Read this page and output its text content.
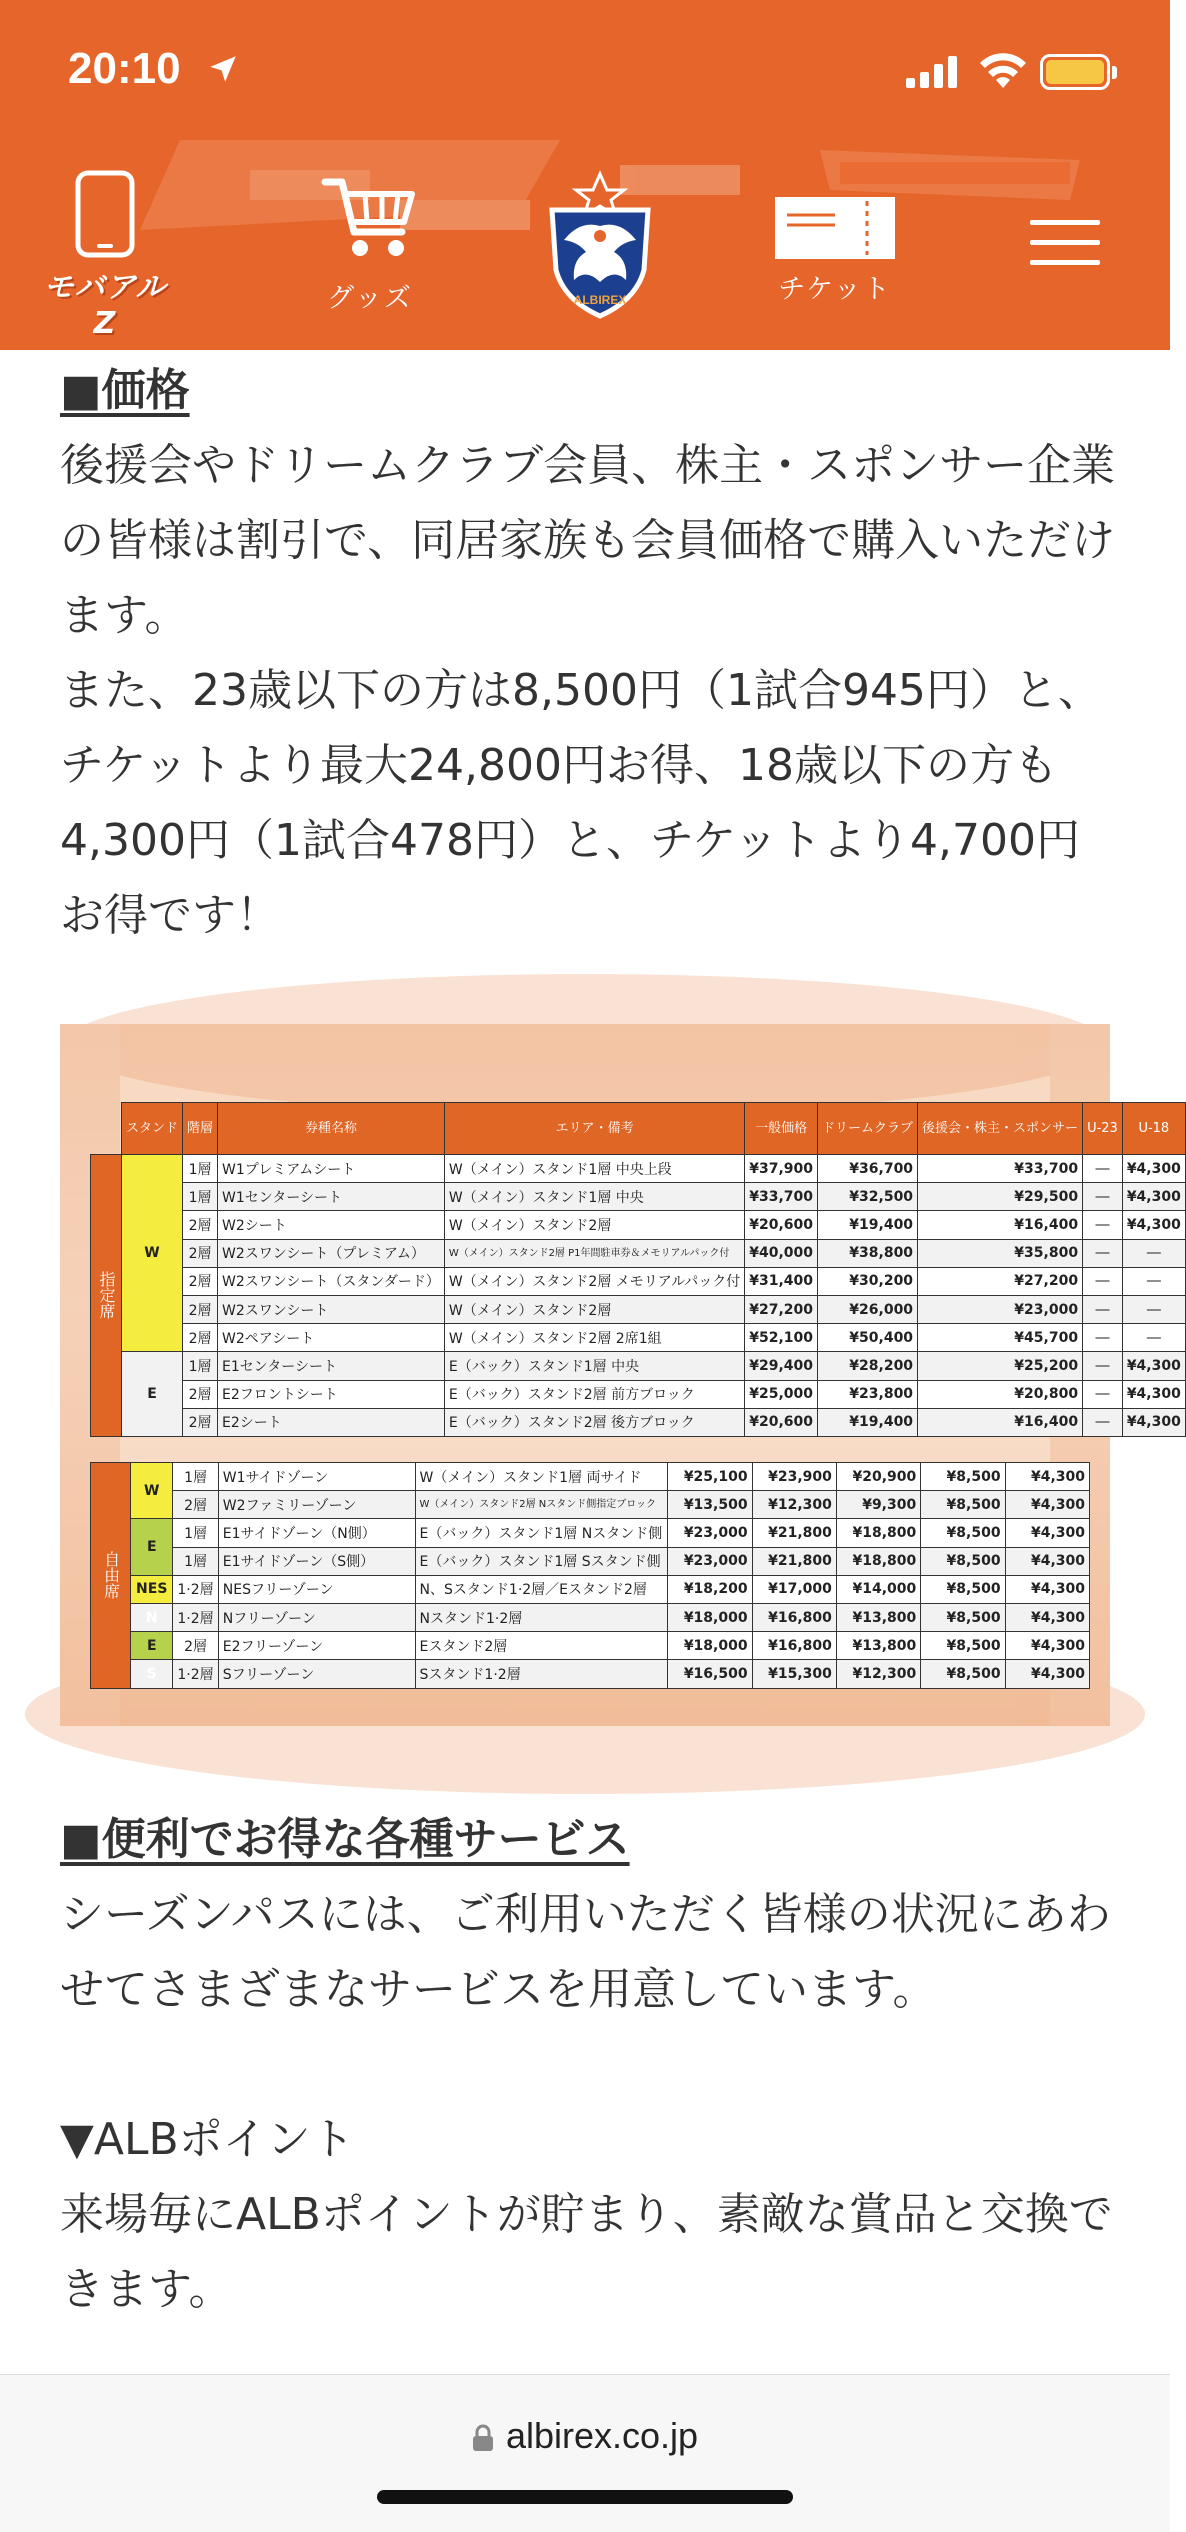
20:10
モバアルZ
グッズ	ALBIREX	チケット
■価格

後援会やドリームクラブ会員、株主・スポンサー企業の皆様は割引で、同居家族も会員価格で購入いただけます。

また、23歳以下の方は8,500円（1試合945円）と、チケットより最大24,800円お得、18歳以下の方も4,300円（1試合478円）と、チケットより4,700円お得です！

	スタンド	階層	券種名称	エリア・備考	一般価格	ドリームクラブ	後援会・株主・スポンサー	U-23	U-18
指定席	W	1層	W1プレミアムシート	W（メイン）スタンド1層 中央上段	¥37,900	¥36,700	¥33,700	―	¥4,300
		1層	W1センターシート	W（メイン）スタンド1層 中央	¥33,700	¥32,500	¥29,500	―	¥4,300
		2層	W2シート	W（メイン）スタンド2層	¥20,600	¥19,400	¥16,400	―	¥4,300
		2層	W2スワンシート（プレミアム）	W（メイン）スタンド2層 P1年間駐車券＆メモリアルパック付	¥40,000	¥38,800	¥35,800	―	―
		2層	W2スワンシート（スタンダード）	W（メイン）スタンド2層 メモリアルパック付	¥31,400	¥30,200	¥27,200	―	―
		2層	W2スワンシート	W（メイン）スタンド2層	¥27,200	¥26,000	¥23,000	―	―
		2層	W2ペアシート	W（メイン）スタンド2層 2席1組	¥52,100	¥50,400	¥45,700	―	―
	E	1層	E1センターシート	E（バック）スタンド1層 中央	¥29,400	¥28,200	¥25,200	―	¥4,300
		2層	E2フロントシート	E（バック）スタンド2層 前方ブロック	¥25,000	¥23,800	¥20,800	―	¥4,300
		2層	E2シート	E（バック）スタンド2層 後方ブロック	¥20,600	¥19,400	¥16,400	―	¥4,300
自由席	W	1層	W1サイドゾーン	W（メイン）スタンド1層 両サイド	¥25,100	¥23,900	¥20,900	¥8,500	¥4,300
		2層	W2ファミリーゾーン	W（メイン）スタンド2層 Nスタンド側指定ブロック	¥13,500	¥12,300	¥9,300	¥8,500	¥4,300
	E	1層	E1サイドゾーン（N側）	E（バック）スタンド1層 Nスタンド側	¥23,000	¥21,800	¥18,800	¥8,500	¥4,300
		1層	E1サイドゾーン（S側）	E（バック）スタンド1層 Sスタンド側	¥23,000	¥21,800	¥18,800	¥8,500	¥4,300
	NES	1·2層	NESフリーゾーン	N、Sスタンド1·2層／Eスタンド2層	¥18,200	¥17,000	¥14,000	¥8,500	¥4,300
	N	1·2層	Nフリーゾーン	Nスタンド1·2層	¥18,000	¥16,800	¥13,800	¥8,500	¥4,300
	E	2層	E2フリーゾーン	Eスタンド2層	¥18,000	¥16,800	¥13,800	¥8,500	¥4,300
	S	1·2層	Sフリーゾーン	Sスタンド1·2層	¥16,500	¥15,300	¥12,300	¥8,500	¥4,300
■便利でお得な各種サービス

シーズンパスには、ご利用いただく皆様の状況にあわせてさまざまなサービスを用意しています。

▼ALBポイント

来場毎にALBポイントが貯まり、素敵な賞品と交換できます。

albirex.co.jp
